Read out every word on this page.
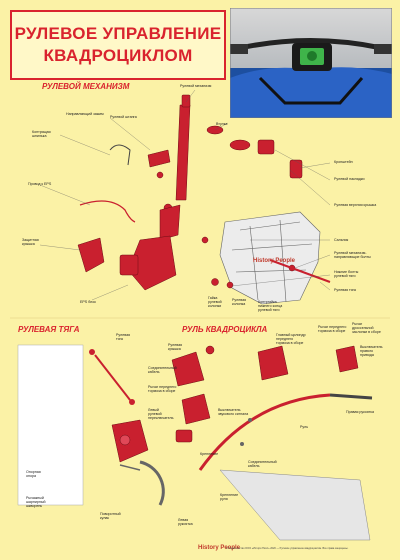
РУЛЕВОЕ УПРАВЛЕНИЕ
КВАДРОЦИКЛОМ
РУЛЕВОЙ МЕХАНИЗМ
РУЛЕВАЯ ТЯГА	РУЛЬ КВАДРОЦИКЛА
Рулевой механизм
Направляющий зажим
Рулевой штанга
Контрящая шпилька
Втулка
Провод к EPS
Кронштейн
Рулевой накладки
Рулевая верхняя крышка
Защитная крышка
Сальник
Рулевой механизм-
направляющие болты
Нижние болты
рулевой тяги
Рулевая тяга
EPS блок
Гайка
рулевой
колонки
Рулевая
колонка
Контргайка
нижнего конца
рулевой тяги
Рулевая
тяга
Опорная
опора
Рычажный
шарнирный
шкворень
Поворотный
кулак
Рулевая
крышка
Соединительный
кабель
Рычаг переднего
тормоза в сборе
Левый
рулевой
переключатель
Выключатель
звукового сигнала
Крепление
Соединительный
кабель
Главный цилиндр
переднего
тормоза в сборе
Рычаг переднего
тормоза в сборе
Рычаг
дроссельной
заслонки в сборе
Выключатель
правого
привода
Правая рукоятка
Руль
Левая
рукоятка
Крепление
руля
History People
History People
© Издательство ООО «Истори Пипл» 2020 — Рулевое управление квадроциклом. Все права защищены.
